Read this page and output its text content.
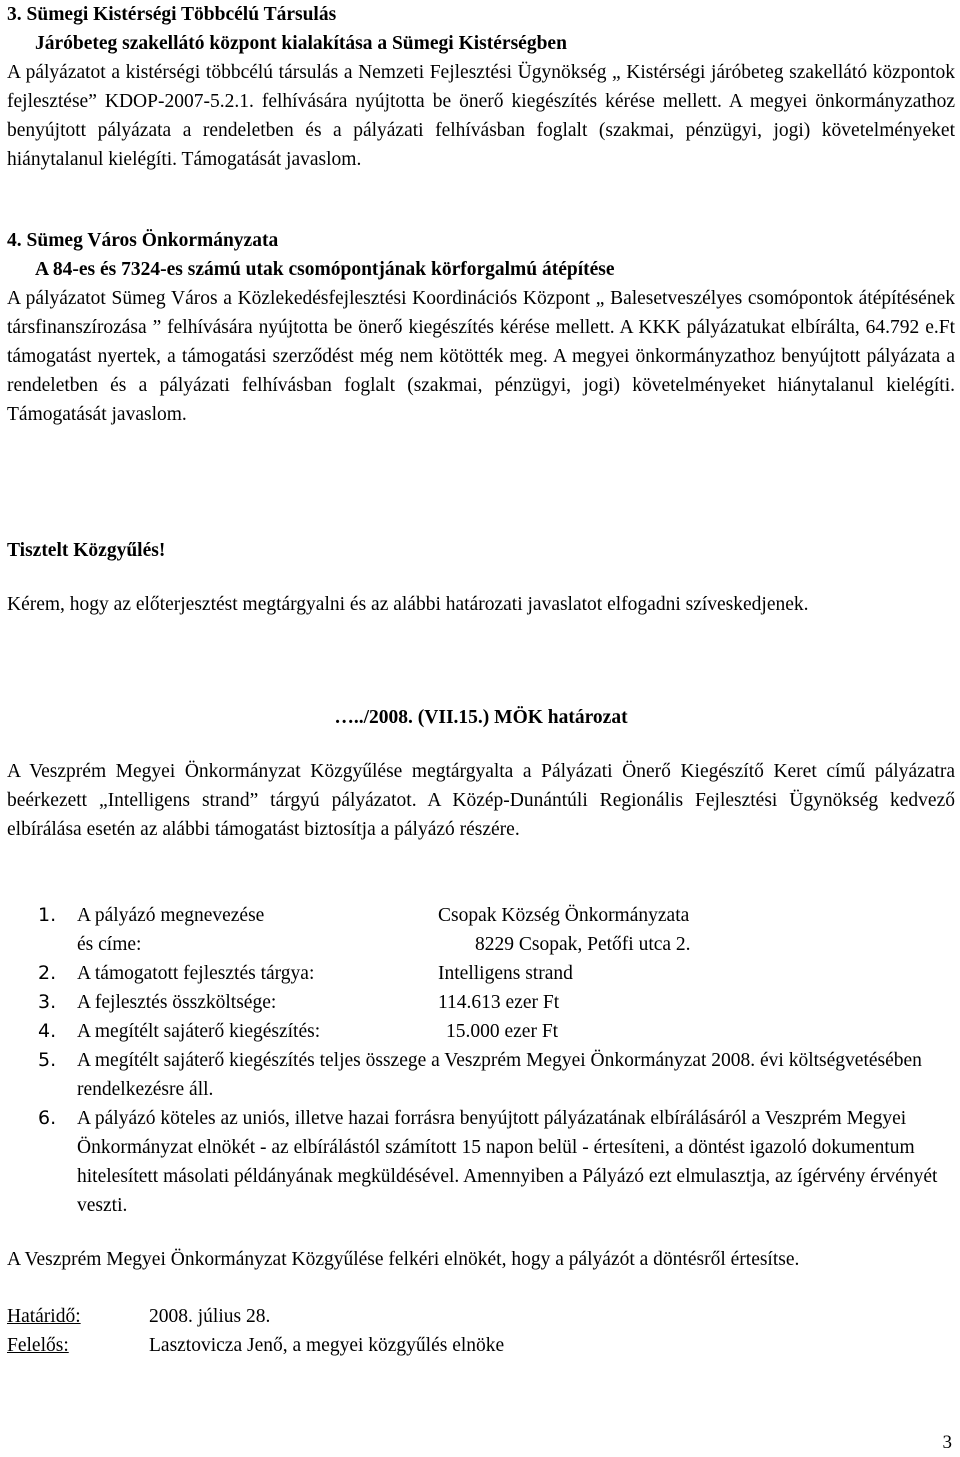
3. Sümegi Kistérségi Többcélú Társulás

Járóbeteg szakellátó központ kialakítása a Sümegi Kistérségben

A pályázatot a kistérségi többcélú társulás a Nemzeti Fejlesztési Ügynökség „ Kistérségi járóbeteg szakellátó központok fejlesztése” KDOP-2007-5.2.1. felhívására nyújtotta be önerő kiegészítés kérése mellett. A megyei önkormányzathoz benyújtott pályázata a rendeletben és a pályázati felhívásban foglalt (szakmai, pénzügyi, jogi) követelményeket hiánytalanul kielégíti. Támogatását javaslom.

4. Sümeg Város Önkormányzata

A 84-es és 7324-es számú utak csomópontjának körforgalmú átépítése

A pályázatot Sümeg Város a Közlekedésfejlesztési Koordinációs Központ „ Balesetveszélyes csomópontok átépítésének társfinanszírozása ” felhívására nyújtotta be önerő kiegészítés kérése mellett. A KKK pályázatukat elbírálta, 64.792 e.Ft támogatást nyertek, a támogatási szerződést még nem kötötték meg. A megyei önkormányzathoz benyújtott pályázata a rendeletben és a pályázati felhívásban foglalt (szakmai, pénzügyi, jogi) követelményeket hiánytalanul kielégíti. Támogatását javaslom.

Tisztelt Közgyűlés!

Kérem, hogy az előterjesztést megtárgyalni és az alábbi határozati javaslatot elfogadni szíveskedjenek.

…../2008. (VII.15.) MÖK határozat

A Veszprém Megyei Önkormányzat Közgyűlése megtárgyalta a Pályázati Önerő Kiegészítő Keret című pályázatra beérkezett „Intelligens strand” tárgyú pályázatot. A Közép-Dunántúli Regionális Fejlesztési Ügynökség kedvező elbírálása esetén az alábbi támogatást biztosítja a pályázó részére.

1. A pályázó megnevezése	Csopak Község Önkormányzata
és címe:	8229 Csopak, Petőfi utca 2.
2. A támogatott fejlesztés tárgya:	Intelligens strand
3. A fejlesztés összköltsége:	114.613 ezer Ft
4. A megítélt sajáterő kiegészítés:	15.000 ezer Ft
5. A megítélt sajáterő kiegészítés teljes összege a Veszprém Megyei Önkormányzat 2008. évi költségvetésében rendelkezésre áll.
6. A pályázó köteles az uniós, illetve hazai forrásra benyújtott pályázatának elbírálásáról a Veszprém Megyei Önkormányzat elnökét - az elbírálástól számított 15 napon belül - értesíteni, a döntést igazoló dokumentum hitelesített másolati példányának megküldésével. Amennyiben a Pályázó ezt elmulasztja, az ígérvény érvényét veszti.

A Veszprém Megyei Önkormányzat Közgyűlése felkéri elnökét, hogy a pályázót a döntésről értesítse.

Határidő:	2008. július 28.
Felelős:	Lasztovicza Jenő, a megyei közgyűlés elnöke
3
